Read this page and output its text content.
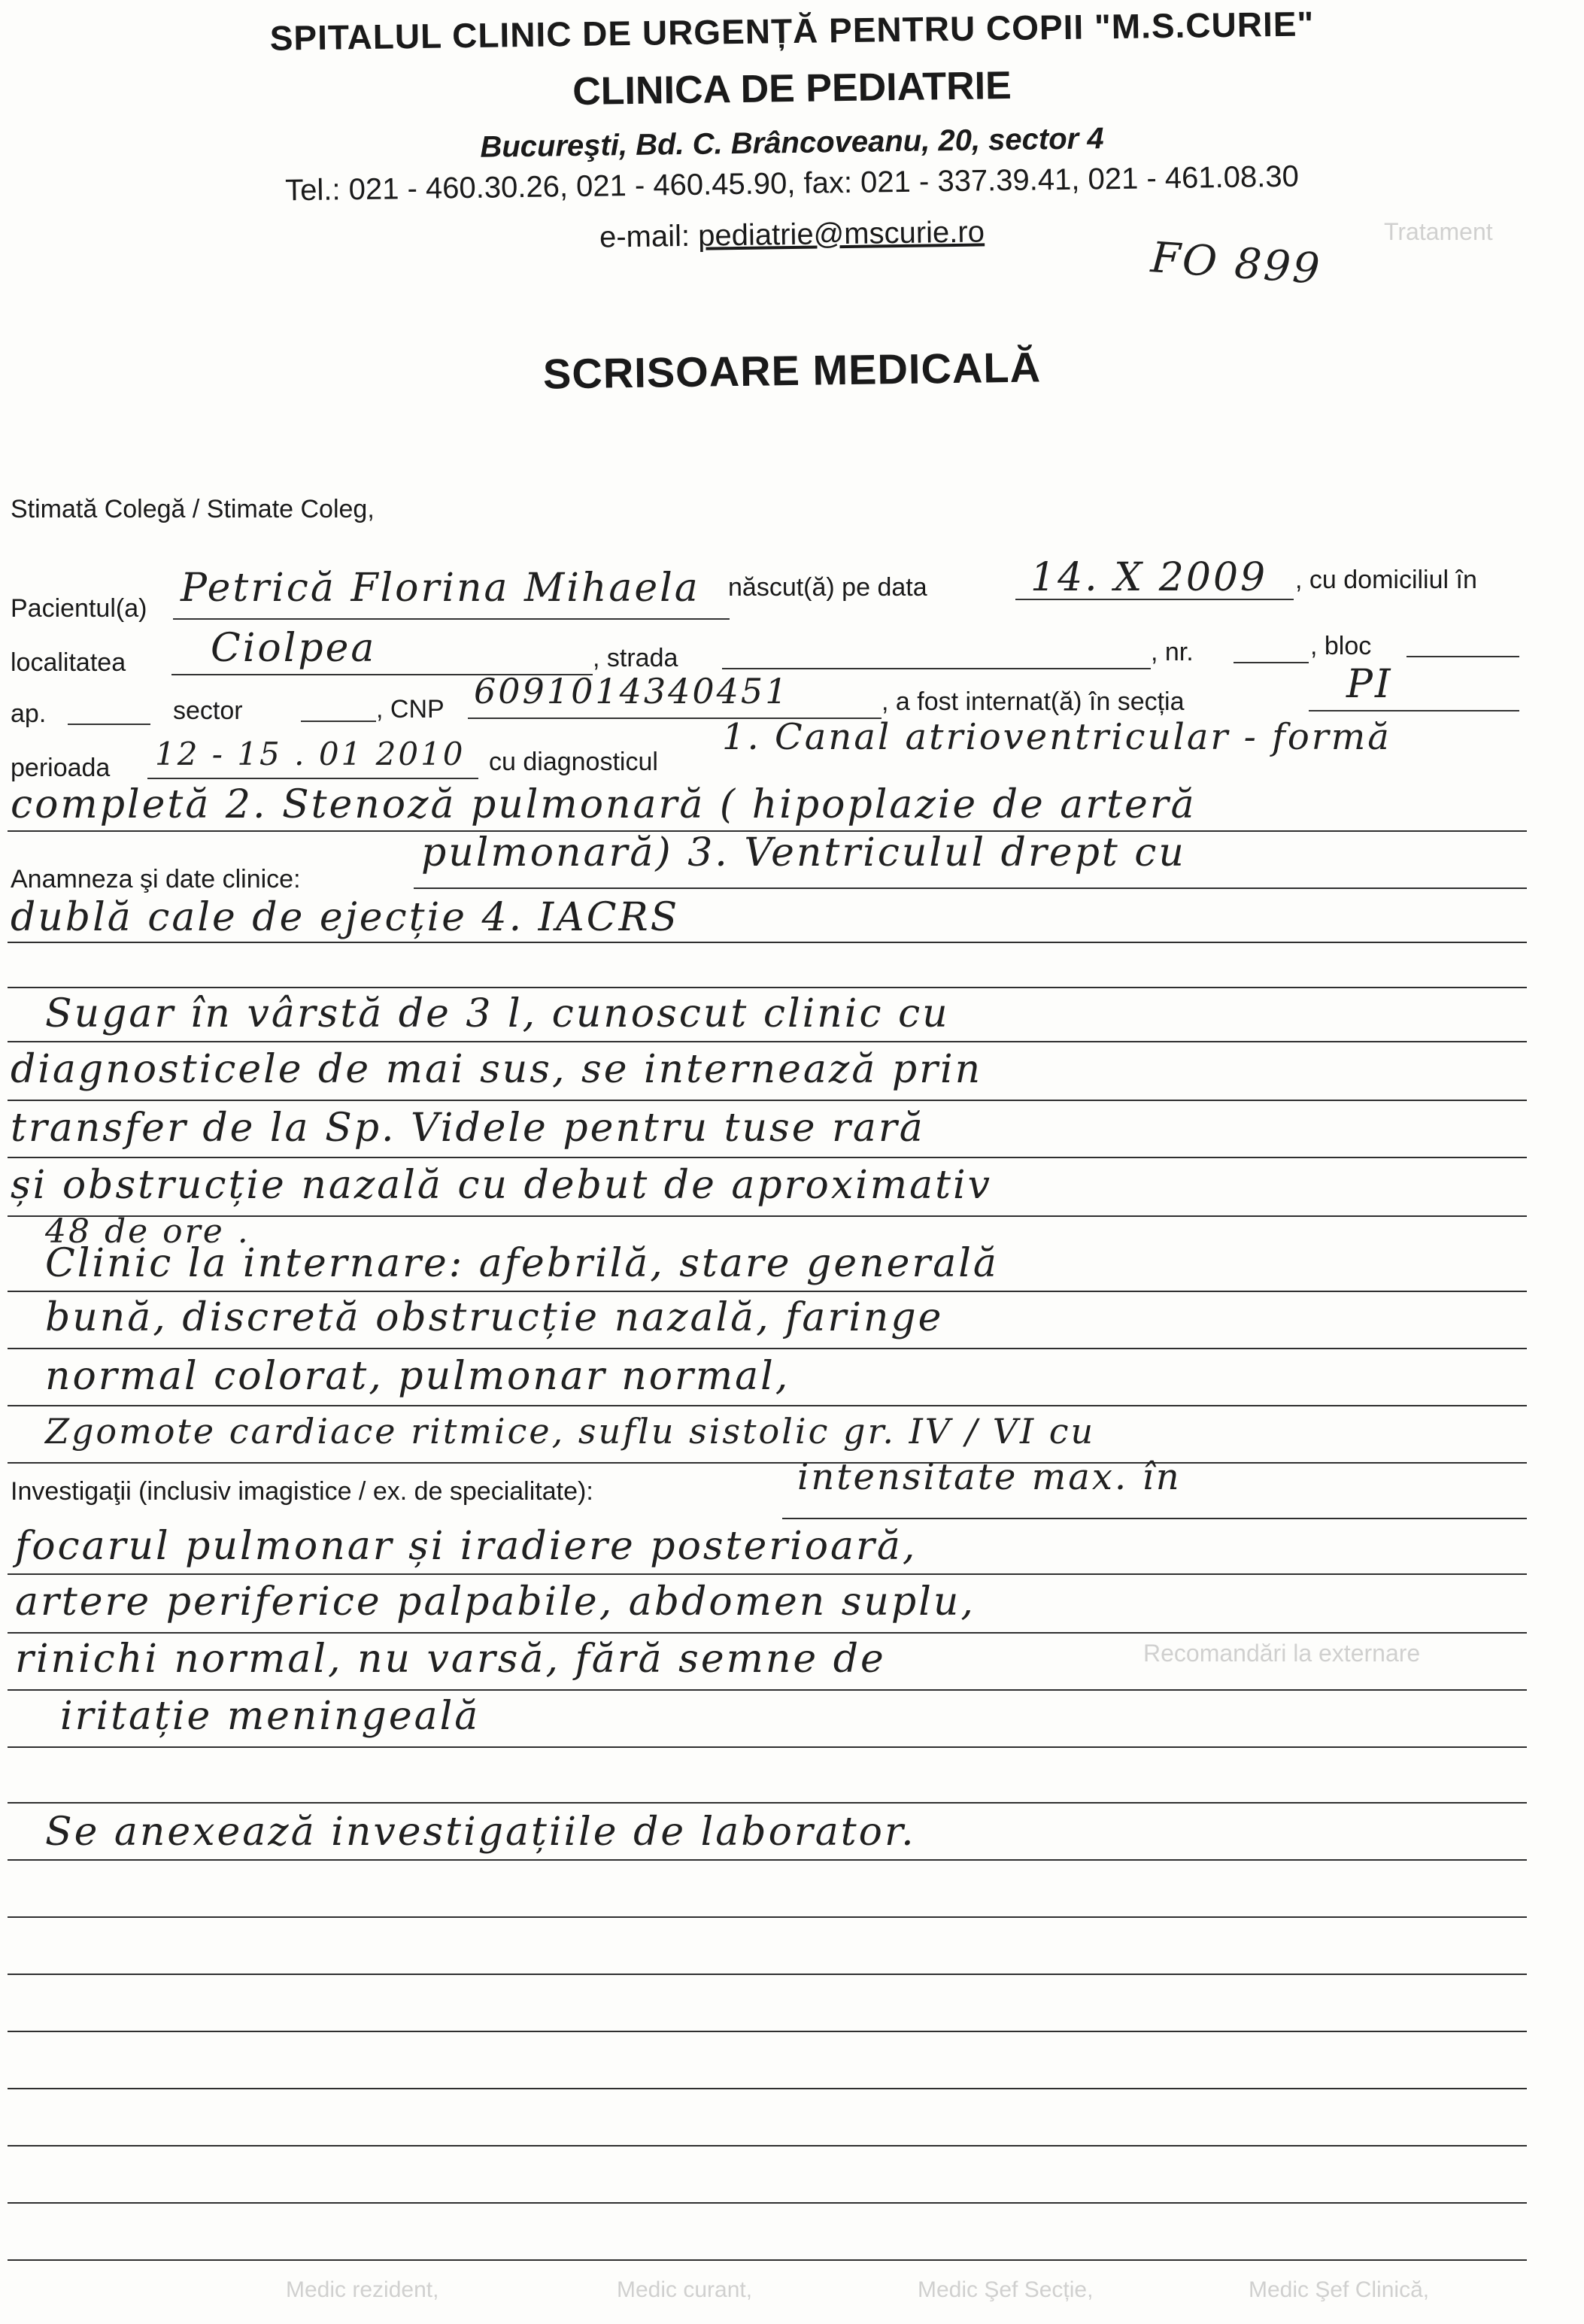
SPITALUL CLINIC DE URGENȚĂ PENTRU COPII "M.S.CURIE"
CLINICA DE PEDIATRIE
Bucureşti, Bd. C. Brâncoveanu, 20, sector 4
Tel.: 021 - 460.30.26, 021 - 460.45.90, fax: 021 - 337.39.41, 021 - 461.08.30
e-mail: pediatrie@mscurie.ro	FO 899
SCRISOARE MEDICALĂ
Stimată Colegă / Stimate Coleg,
Pacientul(a) Petrică Florina Mihaela născut(ă) pe data	14. X 2009 , cu domiciliul în
localitatea Ciolpea	, strada	, nr.	, bloc
ap.	sector	, CNP 6091014340451	, a fost internat(ă) în secția	PI
perioada 12 - 15 . 01 2010 cu diagnosticul
1. Canal atrioventricular - formă
completă 2. Stenoză pulmonară ( hipoplazie de arteră
Anamneza şi date clinice:
pulmonară) 3. Ventriculul drept cu
dublă cale de ejecție 4. IACRS
Sugar în vârstă de 3 l, cunoscut clinic cu
diagnosticele de mai sus, se internează prin
transfer de la Sp. Videle pentru tuse rară
și obstrucție nazală cu debut de aproximativ
48 de ore .
Clinic la internare: afebrilă, stare generală
bună, discretă obstrucție nazală, faringe
normal colorat, pulmonar normal,
Zgomote cardiace ritmice, suflu sistolic gr. IV / VI cu
Investigaţii (inclusiv imagistice / ex. de specialitate):	intensitate max. în
focarul pulmonar și iradiere posterioară,
artere periferice palpabile, abdomen suplu,
rinichi normal, nu varsă, fără semne de
iritație meningeală
Se anexează investigațiile de laborator.
Tratament
Recomandări la externare
Medic Şef Clinică,
Medic Şef Secție,
Medic curant,
Medic rezident,
